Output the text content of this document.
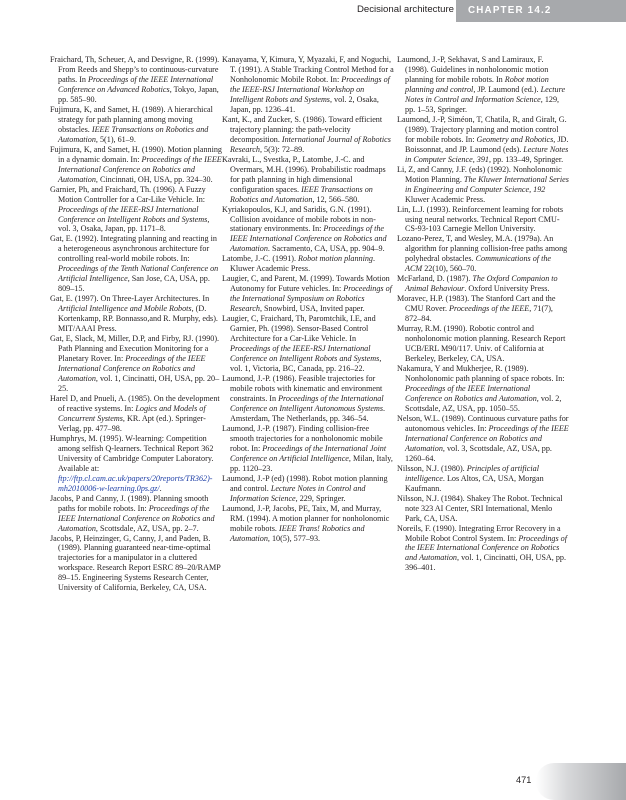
Decisional architecture	CHAPTER 14.2

Fraichard, Th, Scheuer, A, and Desvigne, R. (1999). From Reeds and Shepp’s to continuous-curvature paths. In Proceedings of the IEEE International Conference on Advanced Robotics, Tokyo, Japan, pp. 585–90.

Fujimura, K, and Samet, H. (1989). A hierarchical strategy for path planning among moving obstacles. IEEE Transactions on Robotics and Automation, 5(1), 61–9.

Fujimura, K, and Samet, H. (1990). Motion planning in a dynamic domain. In: Proceedings of the IEEE International Conference on Robotics and Automation, Cincinnati, OH, USA, pp. 324–30.

Garnier, Ph, and Fraichard, Th. (1996). A Fuzzy Motion Controller for a Car-Like Vehicle. In: Proceedings of the IEEE-RSJ International Conference on Intelligent Robots and Systems, vol. 3, Osaka, Japan, pp. 1171–8.

Gat, E. (1992). Integrating planning and reacting in a heterogeneous asynchronous architecture for controlling real-world mobile robots. In: Proceedings of the Tenth National Conference on Artificial Intelligence, San Jose, CA, USA, pp. 809–15.

Gat, E. (1997). On Three-Layer Architectures. In Artificial Intelligence and Mobile Robots, (D. Kortenkamp, RP. Bonnasso,and R. Murphy, eds). MIT/AAAI Press.

Gat, E, Slack, M, Miller, D.P, and Firby, RJ. (1990). Path Planning and Execution Monitoring for a Planetary Rover. In: Proceedings of the IEEE International Conference on Robotics and Automation, vol. 1, Cincinatti, OH, USA, pp. 20–25.

Harel D, and Pnueli, A. (1985). On the development of reactive systems. In: Logics and Models of Concurrent Systems, KR. Apt (ed.). Springer-Verlag, pp. 477–98.

Humphrys, M. (1995). W-learning: Competition among selfish Q-learners. Technical Report 362 University of Cambridge Computer Laboratory. Available at: ftp://ftp.cl.cam.ac.uk/papers/20reports/TR362)-mh2010006-w-learning.0ps.gz/.

Jacobs, P and Canny, J. (1989). Planning smooth paths for mobile robots. In: Proceedings of the IEEE International Conference on Robotics and Automation, Scottsdale, AZ, USA, pp. 2–7.

Jacobs, P, Heinzinger, G, Canny, J, and Paden, B. (1989). Planning guaranteed near-time-optimal trajectories for a manipulator in a cluttered workspace. Research Report ESRC 89–20/RAMP 89–15. Engineering Systems Research Center, University of California, Berkeley, CA, USA.

Kanayama, Y, Kimura, Y, Myazaki, F, and Noguchi, T. (1991). A Stable Tracking Control Method for a Nonholonomic Mobile Robot. In: Proceedings of the IEEE-RSJ International Workshop on Intelligent Robots and Systems, vol. 2, Osaka, Japan, pp. 1236–41.

Kant, K., and Zucker, S. (1986). Toward efficient trajectory planning: the path-velocity decomposition. International Journal of Robotics Research, 5(3): 72–89.

Kavraki, L., Svestka, P., Latombe, J.-C. and Overmars, M.H. (1996). Probabilistic roadmaps for path planning in high dimensional configuration spaces. IEEE Transactions on Robotics and Automation, 12, 566–580.

Kyriakopoulos, K.J, and Saridis, G.N. (1991). Collision avoidance of mobile robots in non-stationary environments. In: Proceedings of the IEEE International Conference on Robotics and Automation. Sacramento, CA, USA, pp. 904–9.

Latombe, J.-C. (1991). Robot motion planning. Kluwer Academic Press.

Laugier, C, and Parent, M. (1999). Towards Motion Autonomy for Future vehicles. In: Proceedings of the International Symposium on Robotics Research, Snowbird, USA, Invited paper.

Laugier, C, Fraichard, Th, Paromtchik, I.E, and Garnier, Ph. (1998). Sensor-Based Control Architecture for a Car-Like Vehicle. In Proceedings of the IEEE-RSJ International Conference on Intelligent Robots and Systems, vol. 1, Victoria, BC, Canada, pp. 216–22.

Laumond, J.-P. (1986). Feasible trajectories for mobile robots with kinematic and environment constraints. In Proceedings of the International Conference on Intelligent Autonomous Systems. Amsterdam, The Netherlands, pp. 346–54.

Laumond, J.-P. (1987). Finding collision-free smooth trajectories for a nonholonomic mobile robot. In: Proceedings of the International Joint Conference on Artificial Intelligence, Milan, Italy, pp. 1120–23.

Laumond, J.-P (ed) (1998). Robot motion planning and control. Lecture Notes in Control and Information Science, 229, Springer.

Laumond, J.-P, Jacobs, PE, Taix, M, and Murray, RM. (1994). A motion planner for nonholonomic mobile robots. IEEE Trans! Robotics and Automation, 10(5), 577–93.

Laumond, J.-P, Sekhavat, S and Lamiraux, F. (1998). Guidelines in nonholonomic motion planning for mobile robots. In Robot motion planning and control, JP. Laumond (ed.). Lecture Notes in Control and Information Science, 129, pp. 1–53, Springer.

Laumond, J.-P, Siméon, T, Chatila, R, and Giralt, G. (1989). Trajectory planning and motion control for mobile robots. In: Geometry and Robotics, JD. Boissonnat, and JP. Laumond (eds). Lecture Notes in Computer Science, 391, pp. 133–49, Springer.

Li, Z, and Canny, J.F. (eds) (1992). Nonholonomic Motion Planning. The Kluwer International Series in Engineering and Computer Science, 192 Kluwer Academic Press.

Lin, L.J. (1993). Reinforcement learning for robots using neural networks. Technical Report CMU-CS-93-103 Carnegie Mellon University.

Lozano-Perez, T, and Wesley, M.A. (1979a). An algorithm for planning collision-free paths among polyhedral obstacles. Communications of the ACM 22(10), 560–70.

McFarland, D. (1987). The Oxford Companion to Animal Behaviour. Oxford University Press.

Moravec, H.P. (1983). The Stanford Cart and the CMU Rover. Proceedings of the IEEE, 71(7), 872–84.

Murray, R.M. (1990). Robotic control and nonholonomic motion planning. Research Report UCB/ERL M90/117. Univ. of California at Berkeley, Berkeley, CA, USA.

Nakamura, Y and Mukherjee, R. (1989). Nonholonomic path planning of space robots. In: Proceedings of the IEEE International Conference on Robotics and Automation, vol. 2, Scottsdale, AZ, USA, pp. 1050–55.

Nelson, W.L. (1989). Continuous curvature paths for autonomous vehicles. In: Proceedings of the IEEE International Conference on Robotics and Automation, vol. 3, Scottsdale, AZ, USA, pp. 1260–64.

Nilsson, N.J. (1980). Principles of artificial intelligence. Los Altos, CA, USA, Morgan Kaufmann.

Nilsson, N.J. (1984). Shakey The Robot. Technical note 323 AI Center, SRI International, Menlo Park, CA, USA.

Noreils, F. (1990). Integrating Error Recovery in a Mobile Robot Control System. In: Proceedings of the IEEE International Conference on Robotics and Automation, vol. 1, Cincinatti, OH, USA, pp. 396–401.

471
